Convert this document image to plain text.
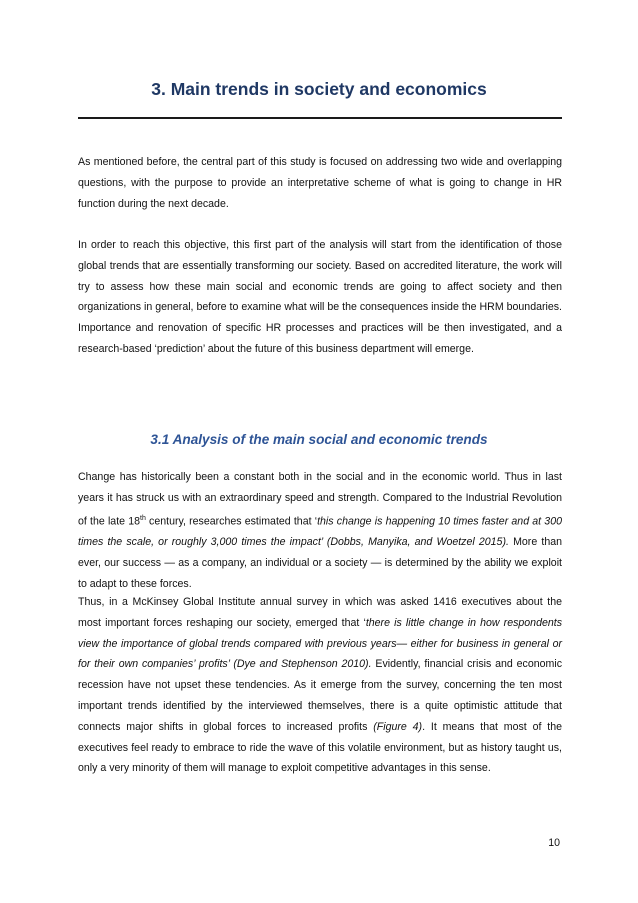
3. Main trends in society and economics

As mentioned before, the central part of this study is focused on addressing two wide and overlapping questions, with the purpose to provide an interpretative scheme of what is going to change in HR function during the next decade.

In order to reach this objective, this first part of the analysis will start from the identification of those global trends that are essentially transforming our society. Based on accredited literature, the work will try to assess how these main social and economic trends are going to affect society and then organizations in general, before to examine what will be the consequences inside the HRM boundaries. Importance and renovation of specific HR processes and practices will be then investigated, and a research-based ‘prediction’ about the future of this business department will emerge.

3.1 Analysis of the main social and economic trends

Change has historically been a constant both in the social and in the economic world. Thus in last years it has struck us with an extraordinary speed and strength. Compared to the Industrial Revolution of the late 18th century, researches estimated that ‘this change is happening 10 times faster and at 300 times the scale, or roughly 3,000 times the impact’ (Dobbs, Manyika, and Woetzel 2015). More than ever, our success — as a company, an individual or a society — is determined by the ability we exploit to adapt to these forces.

Thus, in a McKinsey Global Institute annual survey in which was asked 1416 executives about the most important forces reshaping our society, emerged that ‘there is little change in how respondents view the importance of global trends compared with previous years— either for business in general or for their own companies’ profits’ (Dye and Stephenson 2010). Evidently, financial crisis and economic recession have not upset these tendencies. As it emerge from the survey, concerning the ten most important trends identified by the interviewed themselves, there is a quite optimistic attitude that connects major shifts in global forces to increased profits (Figure 4). It means that most of the executives feel ready to embrace to ride the wave of this volatile environment, but as history taught us, only a very minority of them will manage to exploit competitive advantages in this sense.

10
